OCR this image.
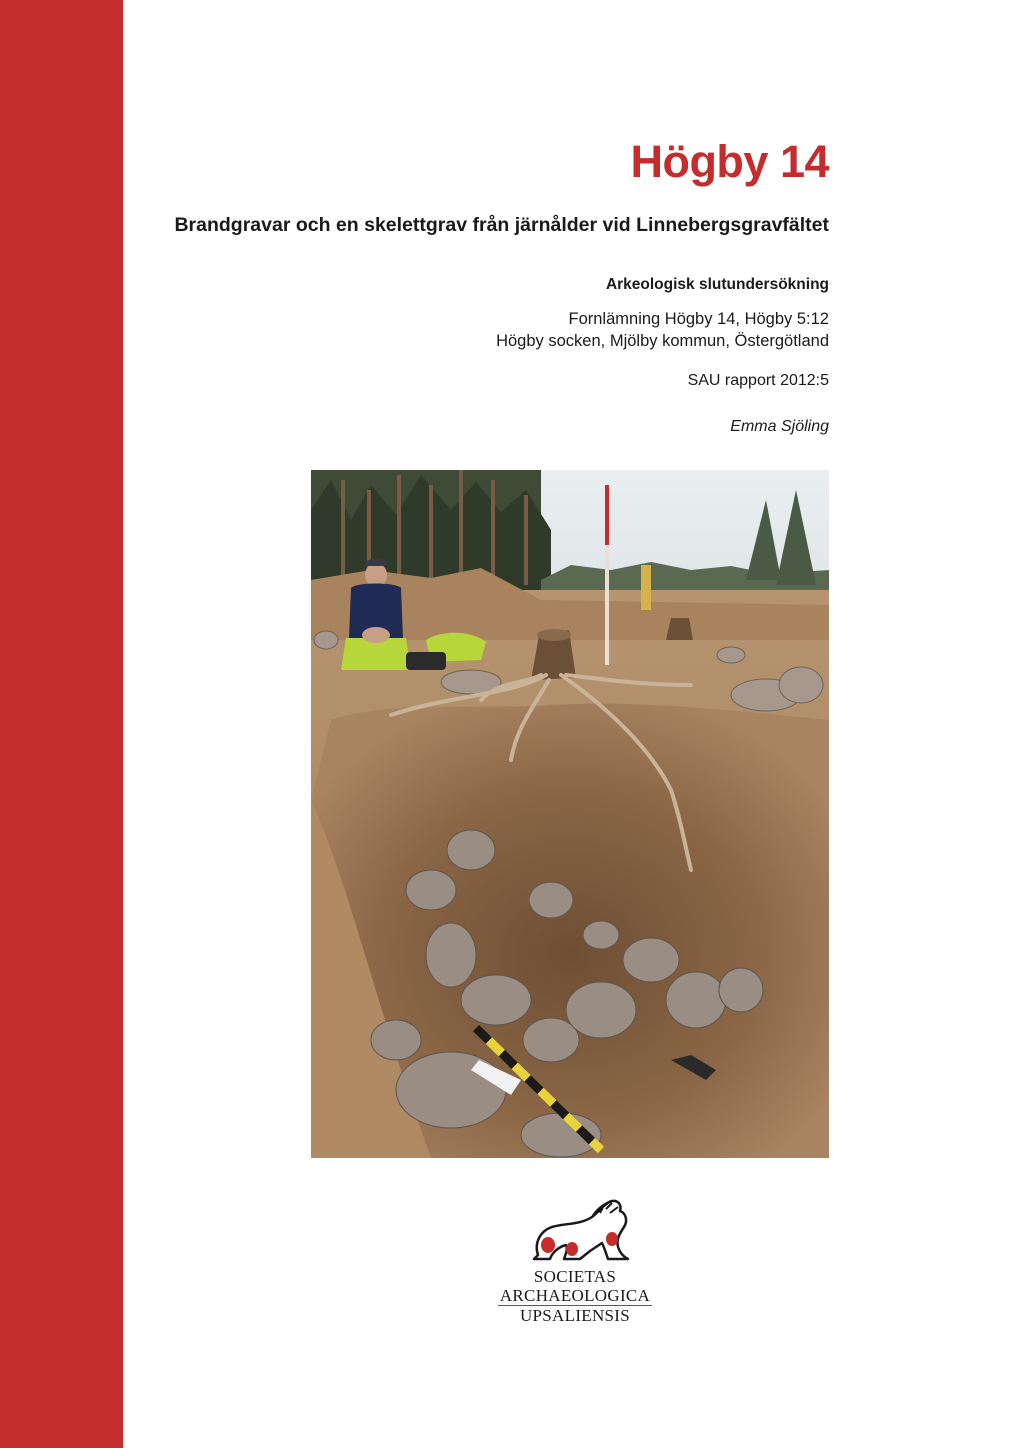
Högby 14
Brandgravar och en skelettgrav från järnålder vid Linnebergsgravfältet
Arkeologisk slutundersökning
Fornlämning Högby 14, Högby 5:12
Högby socken, Mjölby kommun, Östergötland
SAU rapport 2012:5
Emma Sjöling
SOCIETAS
ARCHAEOLOGICA
UPSALIENSIS
